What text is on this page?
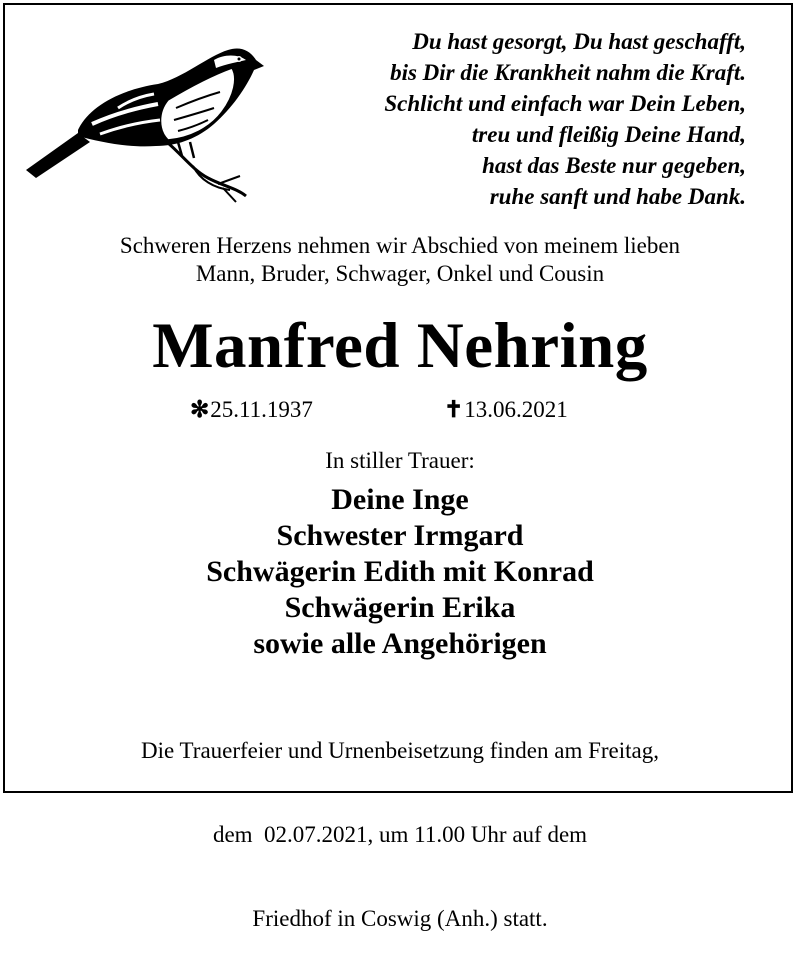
Du hast gesorgt, Du hast geschafft,
bis Dir die Krankheit nahm die Kraft.
Schlicht und einfach war Dein Leben,
treu und fleißig Deine Hand,
hast das Beste nur gegeben,
ruhe sanft und habe Dank.
Schweren Herzens nehmen wir Abschied von meinem lieben
Mann, Bruder, Schwager, Onkel und Cousin
Manfred Nehring
✻25.11.1937	✝13.06.2021
In stiller Trauer:
Deine Inge
Schwester Irmgard
Schwägerin Edith mit Konrad
Schwägerin Erika
sowie alle Angehörigen

Die Trauerfeier und Urnenbeisetzung finden am Freitag,

dem  02.07.2021, um 11.00 Uhr auf dem

Friedhof in Coswig (Anh.) statt.
